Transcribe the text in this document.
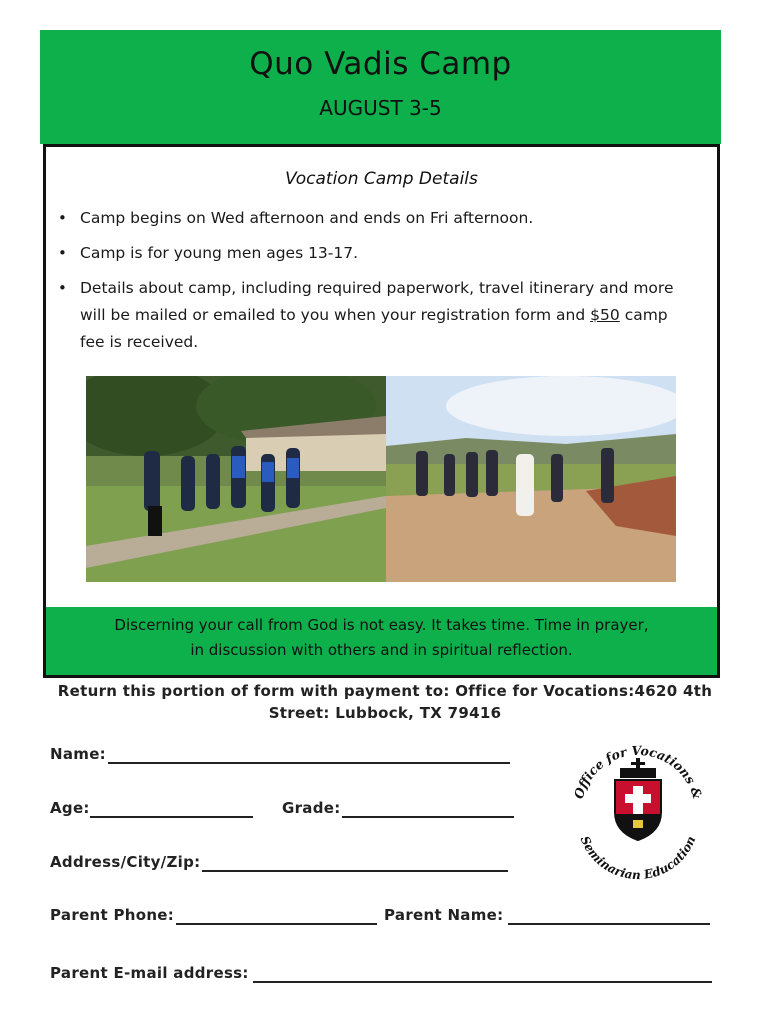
Quo Vadis Camp
AUGUST 3-5
Vocation Camp Details
• Camp begins on Wed afternoon and ends on Fri afternoon.
• Camp is for young men ages 13-17.
• Details about camp, including required paperwork, travel itinerary and more will be mailed or emailed to you when your registration form and $50 camp fee is received.
Discerning your call from God is not easy. It takes time. Time in prayer,
in discussion with others and in spiritual reflection.
Return this portion of form with payment to: Office for Vocations:4620 4th
Street: Lubbock, TX 79416
Name:
Age:	Grade:
Address/City/Zip:
Parent Phone:	Parent Name:
Parent E-mail address:
Office for Vocations &
Seminarian Education
